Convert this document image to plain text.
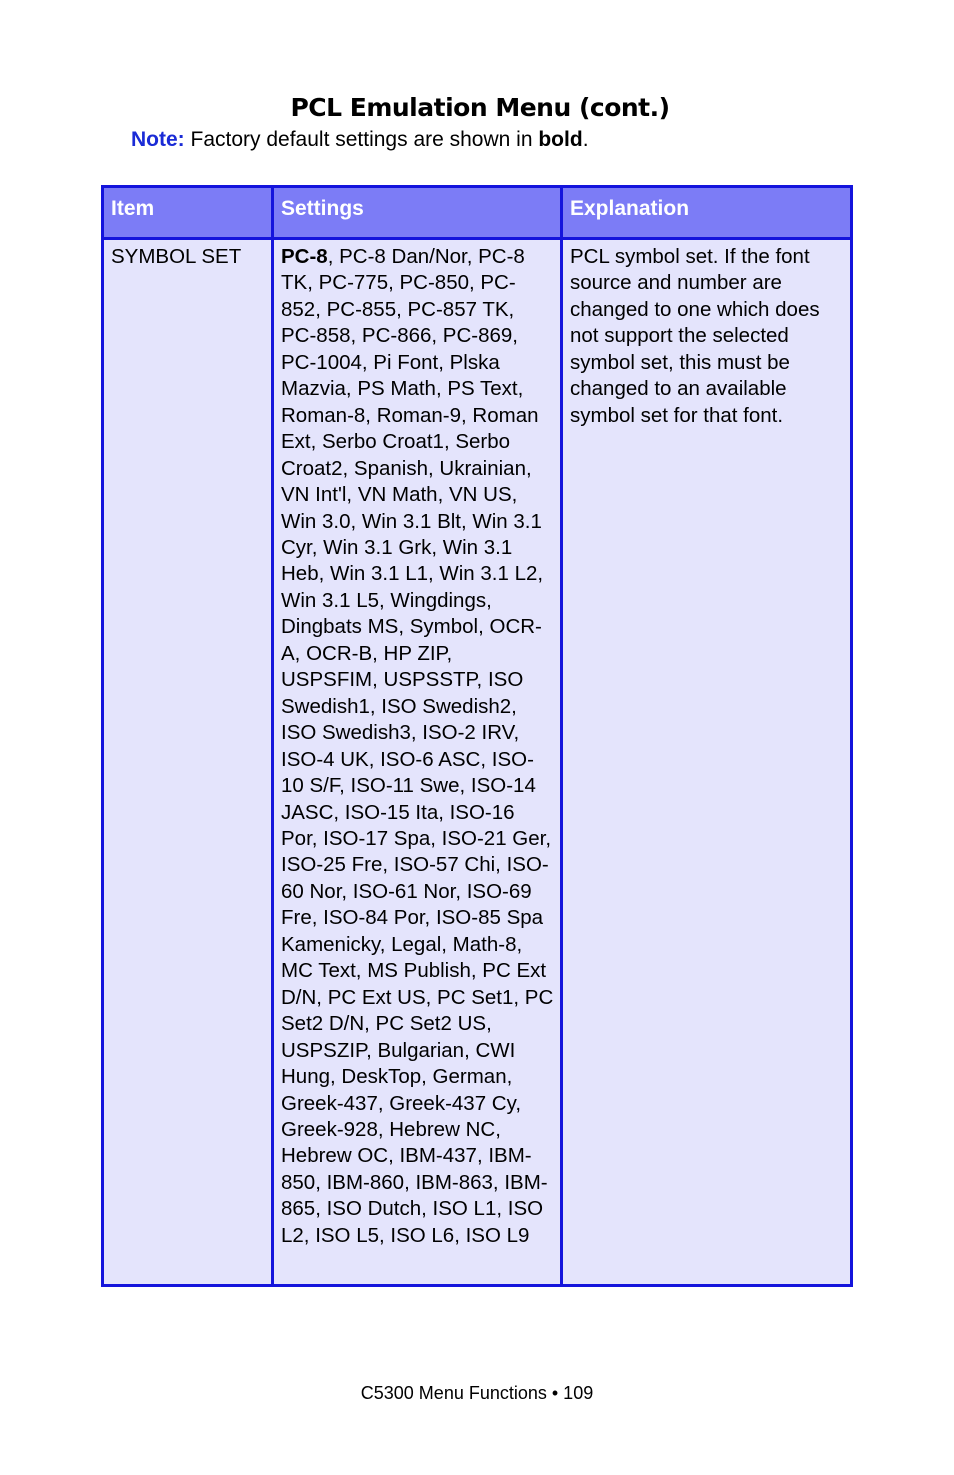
PCL Emulation Menu (cont.)
Note: Factory default settings are shown in bold.
Item	Settings	Explanation
SYMBOL SET	PC-8, PC-8 Dan/Nor, PC-8 TK, PC-775, PC-850, PC-852, PC-855, PC-857 TK, PC-858, PC-866, PC-869, PC-1004, Pi Font, Plska Mazvia, PS Math, PS Text, Roman-8, Roman-9, Roman Ext, Serbo Croat1, Serbo Croat2, Spanish, Ukrainian, VN Int'l, VN Math, VN US, Win 3.0, Win 3.1 Blt, Win 3.1 Cyr, Win 3.1 Grk, Win 3.1 Heb, Win 3.1 L1, Win 3.1 L2, Win 3.1 L5, Wingdings, Dingbats MS, Symbol, OCR-A, OCR-B, HP ZIP, USPSFIM, USPSSTP, ISO Swedish1, ISO Swedish2, ISO Swedish3, ISO-2 IRV, ISO-4 UK, ISO-6 ASC, ISO-10 S/F, ISO-11 Swe, ISO-14 JASC, ISO-15 Ita, ISO-16 Por, ISO-17 Spa, ISO-21 Ger, ISO-25 Fre, ISO-57 Chi, ISO-60 Nor, ISO-61 Nor, ISO-69 Fre, ISO-84 Por, ISO-85 Spa Kamenicky, Legal, Math-8, MC Text, MS Publish, PC Ext D/N, PC Ext US, PC Set1, PC Set2 D/N, PC Set2 US, USPSZIP, Bulgarian, CWI Hung, DeskTop, German, Greek-437, Greek-437 Cy, Greek-928, Hebrew NC, Hebrew OC, IBM-437, IBM-850, IBM-860, IBM-863, IBM-865, ISO Dutch, ISO L1, ISO L2, ISO L5, ISO L6, ISO L9	PCL symbol set. If the font source and number are changed to one which does not support the selected symbol set, this must be changed to an available symbol set for that font.
C5300 Menu Functions • 109
